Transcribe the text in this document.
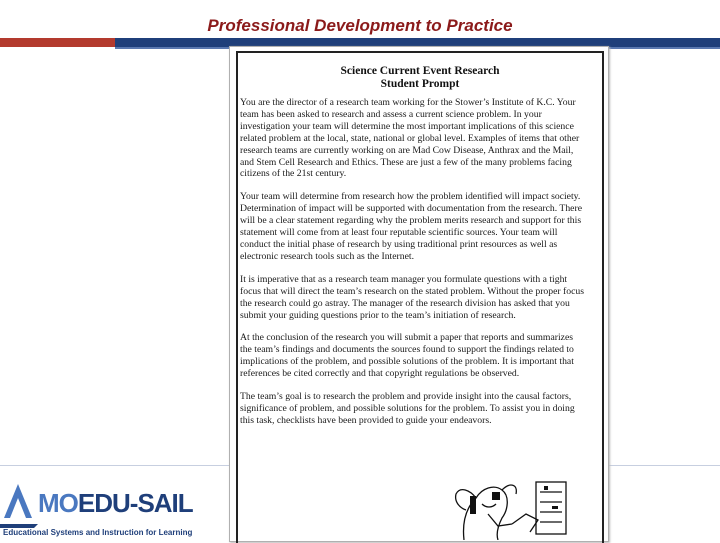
Professional Development to Practice
Science Current Event Research
Student Prompt

You are the director of a research team working for the Stower’s Institute of K.C. Your team has been asked to research and assess a current science problem. In your investigation your team will determine the most important implications of this science related problem at the local, state, national or global level. Examples of items that other research teams are currently working on are Mad Cow Disease, Anthrax and the Mail, and Stem Cell Research and Ethics. These are just a few of the many problems facing citizens of the 21st century.

Your team will determine from research how the problem identified will impact society. Determination of impact will be supported with documentation from the research. There will be a clear statement regarding why the problem merits research and support for this statement will come from at least four reputable scientific sources. Your team will conduct the initial phase of research by using traditional print resources as well as electronic research tools such as the Internet.

It is imperative that as a research team manager you formulate questions with a tight focus that will direct the team’s research on the stated problem. Without the proper focus the research could go astray. The manager of the research division has asked that you submit your guiding questions prior to the team’s initiation of research.

At the conclusion of the research you will submit a paper that reports and summarizes the team’s findings and documents the sources found to support the findings related to implications of the problem, and possible solutions of the problem. It is important that references be cited correctly and that copyright regulations be observed.

The team’s goal is to research the problem and provide insight into the causal factors, significance of problem, and possible solutions for the problem. To assist you in doing this task, checklists have been provided to guide your endeavors.

MOEDU-SAIL
Educational Systems and Instruction for Learning
